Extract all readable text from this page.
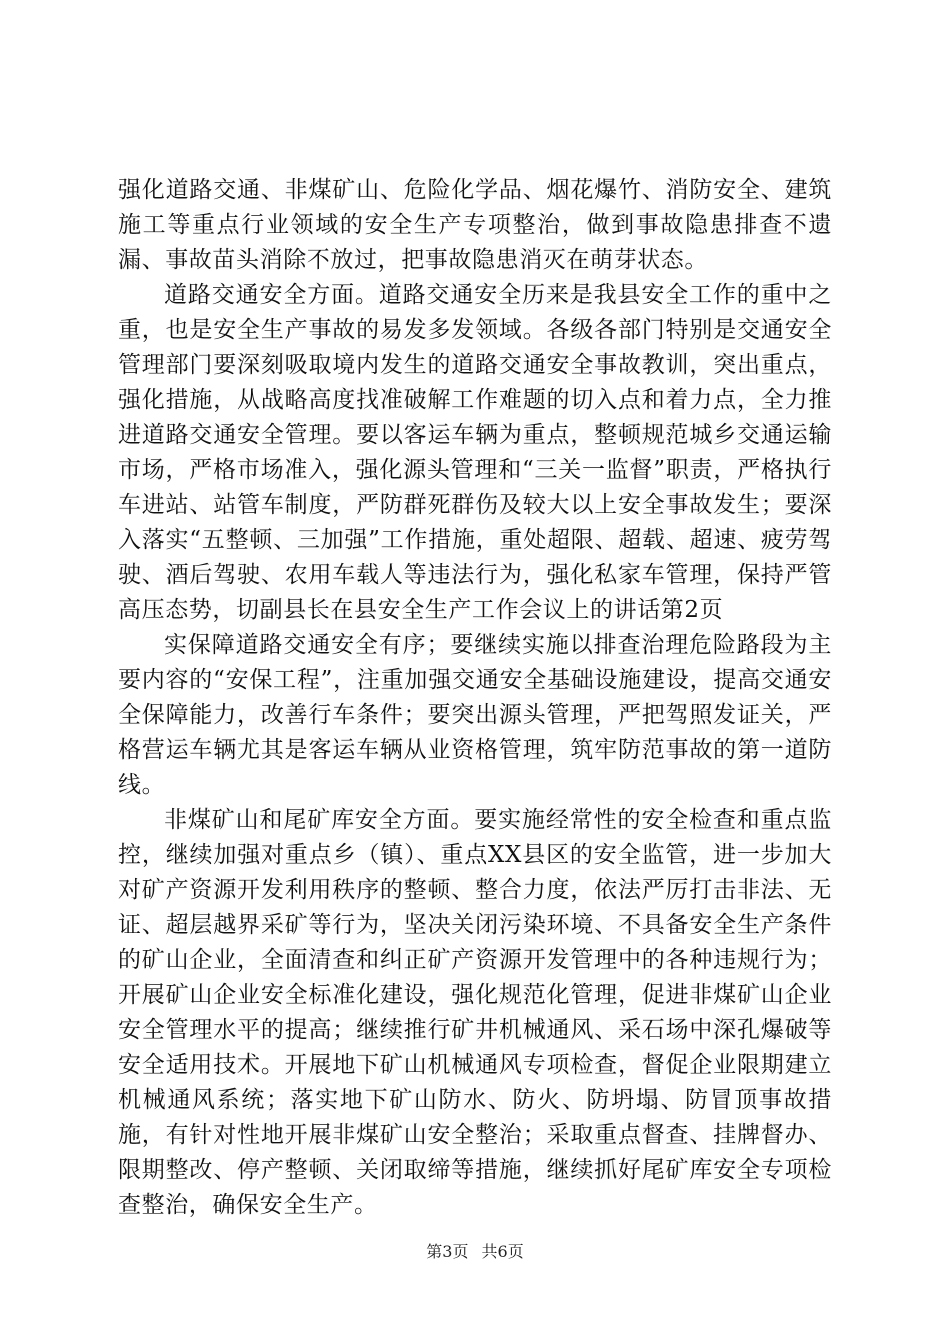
强化道路交通、非煤矿山、危险化学品、烟花爆竹、消防安全、建筑施工等重点行业领域的安全生产专项整治，做到事故隐患排查不遗漏、事故苗头消除不放过，把事故隐患消灭在萌芽状态。

道路交通安全方面。道路交通安全历来是我县安全工作的重中之重，也是安全生产事故的易发多发领域。各级各部门特别是交通安全管理部门要深刻吸取境内发生的道路交通安全事故教训，突出重点，强化措施，从战略高度找准破解工作难题的切入点和着力点，全力推进道路交通安全管理。要以客运车辆为重点，整顿规范城乡交通运输市场，严格市场准入，强化源头管理和“三关一监督”职责，严格执行车进站、站管车制度，严防群死群伤及较大以上安全事故发生；要深入落实“五整顿、三加强”工作措施，重处超限、超载、超速、疲劳驾驶、酒后驾驶、农用车载人等违法行为，强化私家车管理，保持严管高压态势，切副县长在县安全生产工作会议上的讲话第2页

实保障道路交通安全有序；要继续实施以排查治理危险路段为主要内容的“安保工程”，注重加强交通安全基础设施建设，提高交通安全保障能力，改善行车条件；要突出源头管理，严把驾照发证关，严格营运车辆尤其是客运车辆从业资格管理，筑牢防范事故的第一道防线。

非煤矿山和尾矿库安全方面。要实施经常性的安全检查和重点监控，继续加强对重点乡（镇）、重点XX县区的安全监管，进一步加大对矿产资源开发利用秩序的整顿、整合力度，依法严厉打击非法、无证、超层越界采矿等行为，坚决关闭污染环境、不具备安全生产条件的矿山企业，全面清查和纠正矿产资源开发管理中的各种违规行为；开展矿山企业安全标准化建设，强化规范化管理，促进非煤矿山企业安全管理水平的提高；继续推行矿井机械通风、采石场中深孔爆破等安全适用技术。开展地下矿山机械通风专项检查，督促企业限期建立机械通风系统；落实地下矿山防水、防火、防坍塌、防冒顶事故措施，有针对性地开展非煤矿山安全整治；采取重点督查、挂牌督办、限期整改、停产整顿、关闭取缔等措施，继续抓好尾矿库安全专项检查整治，确保安全生产。

第3页 共6页
